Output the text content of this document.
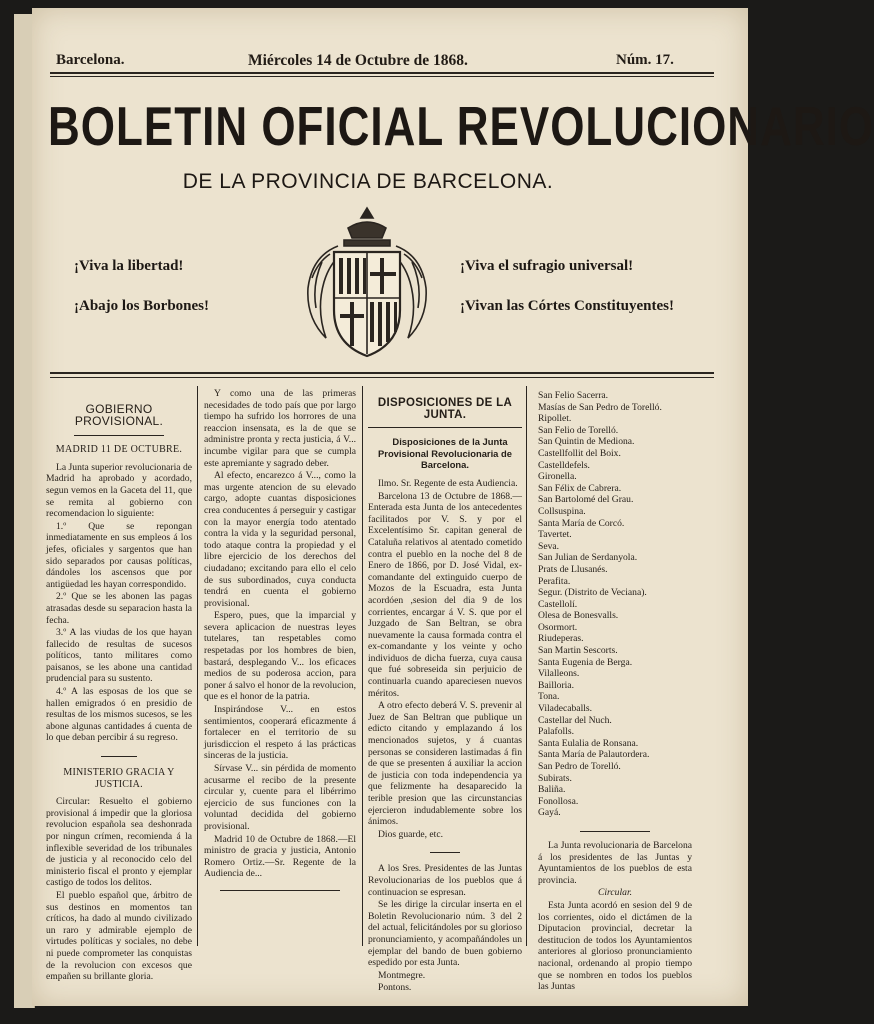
Barcelona.	Miércoles 14 de Octubre de 1868.	Núm. 17.
BOLETIN OFICIAL REVOLUCIONARIO
DE LA PROVINCIA DE BARCELONA.
¡Viva la libertad!
¡Abajo los Borbones!
¡Viva el sufragio universal!
¡Vivan las Córtes Constituyentes!
GOBIERNO PROVISIONAL.
MADRID 11 DE OCTUBRE.

La Junta superior revolucionaria de Madrid ha aprobado y acordado, segun vemos en la Gaceta del 11, que se remita al gobierno con recomendacion lo siguiente:

1.º Que se repongan inmediatamente en sus empleos á los jefes, oficiales y sargentos que han sido separados por causas políticas, dándoles los ascensos que por antigüedad les hayan correspondido.

2.º Que se les abonen las pagas atrasadas desde su separacion hasta la fecha.

3.º A las viudas de los que hayan fallecido de resultas de sucesos políticos, tanto militares como paisanos, se les abone una cantidad prudencial para su sustento.

4.º A las esposas de los que se hallen emigrados ó en presidio de resultas de los mismos sucesos, se les abone algunas cantidades á cuenta de lo que deban percibir á su regreso.

MINISTERIO GRACIA Y JUSTICIA.

Circular: Resuelto el gobierno provisional á impedir que la gloriosa revolucion española sea deshonrada por ningun crímen, recomienda á la inflexible severidad de los tribunales de justicia y al reconocido celo del ministerio fiscal el pronto y ejemplar castigo de todos los delitos.

El pueblo español que, árbitro de sus destinos en momentos tan críticos, ha dado al mundo civilizado un raro y admirable ejemplo de virtudes políticas y sociales, no debe ni puede comprometer las conquistas de la revolucion con excesos que empañen su brillante gloria.

Y como una de las primeras necesidades de todo país que por largo tiempo ha sufrido los horrores de una reaccion insensata, es la de que se administre pronta y recta justicia, á V... incumbe vigilar para que se cumpla este apremiante y sagrado deber.

Al efecto, encarezco á V..., como la mas urgente atencion de su elevado cargo, adopte cuantas disposiciones crea conducentes á perseguir y castigar con la mayor energía todo atentado contra la vida y la seguridad personal, todo ataque contra la propiedad y el libre ejercicio de los derechos del ciudadano; excitando para ello el celo de sus subordinados, cuya conducta tendrá en cuenta el gobierno provisional.

Espero, pues, que la imparcial y severa aplicacion de nuestras leyes tutelares, tan respetables como respetadas por los hombres de bien, bastará, desplegando V... los eficaces medios de su poderosa accion, para poner á salvo el honor de la revolucion, que es el honor de la patria.

Inspirándose V... en estos sentimientos, cooperará eficazmente á fortalecer en el territorio de su jurisdiccion el respeto á las prácticas sinceras de la justicia.

Sírvase V... sin pérdida de momento acusarme el recibo de la presente circular y, cuente para el libérrimo ejercicio de sus funciones con la voluntad decidida del gobierno provisional.

Madrid 10 de Octubre de 1868.—El ministro de gracia y justicia, Antonio Romero Ortiz.—Sr. Regente de la Audiencia de...

DISPOSICIONES DE LA JUNTA.

Disposiciones de la Junta Provisional Revolucionaria de Barcelona.

Ilmo. Sr. Regente de esta Audiencia.

Barcelona 13 de Octubre de 1868.—Enterada esta Junta de los antecedentes facilitados por V. S. y por el Excelentísimo Sr. capitan general de Cataluña relativos al atentado cometido contra el pueblo en la noche del 8 de Enero de 1866, por D. José Vidal, ex-comandante del extinguido cuerpo de Mozos de la Escuadra, esta Junta acordóen ,sesion del dia 9 de los corrientes, encargar á V. S. que por el Juzgado de San Beltran, se obra nuevamente la causa formada contra el ex-comandante y los veinte y ocho individuos de dicha fuerza, cuya causa que fué sobreseida sin perjuicio de continuarla cuando apareciesen nuevos méritos.

A otro efecto deberá V. S. prevenir al Juez de San Beltran que publique un edicto citando y emplazando á los mencionados sujetos, y á cuantas personas se consideren lastimadas á fin de que se presenten á auxiliar la accion de justicia con toda independencia ya que felizmente ha desaparecido la terible presion que las circunstancias ejercieron indudablemente sobre los ánimos.

Dios guarde, etc.

A los Sres. Presidentes de las Juntas Revolucionarias de los pueblos que á continuacion se espresan.

Se les dirige la circular inserta en el Boletin Revolucionario núm. 3 del 2 del actual, felicitándoles por su glorioso pronunciamiento, y acompañándoles un ejemplar del bando de buen gobierno espedido por esta Junta.

Montmegre.

Pontons.

San Felio Sacerra.
Masías de San Pedro de Torelló.
Ripollet.
San Felio de Torelló.
San Quintin de Mediona.
Castellfollit del Boix.
Castelldefels.
Gironella.
San Félix de Cabrera.
San Bartolomé del Grau.
Collsuspina.
Santa María de Corcó.
Tavertet.
Seva.
San Julian de Serdanyola.
Prats de Llusanés.
Perafita.
Segur. (Distrito de Veciana).
Castellolí.
Olesa de Bonesvalls.
Osormort.
Riudeperas.
San Martin Sescorts.
Santa Eugenia de Berga.
Vilalleons.
Bailloria.
Tona.
Viladecaballs.
Castellar del Nuch.
Palafolls.
Santa Eulalia de Ronsana.
Santa María de Palautordera.
San Pedro de Torelló.
Subirats.
Baliña.
Fonollosa.
Gayá.

La Junta revolucionaria de Barcelona á los presidentes de las Juntas y Ayuntamientos de los pueblos de esta provincia.

Circular.

Esta Junta acordó en sesion del 9 de los corrientes, oido el dictámen de la Diputacion provincial, decretar la destitucion de todos los Ayuntamientos anteriores al glorioso pronunciamiento nacional, ordenando al propio tiempo que se nombren en todos los pueblos las Juntas
